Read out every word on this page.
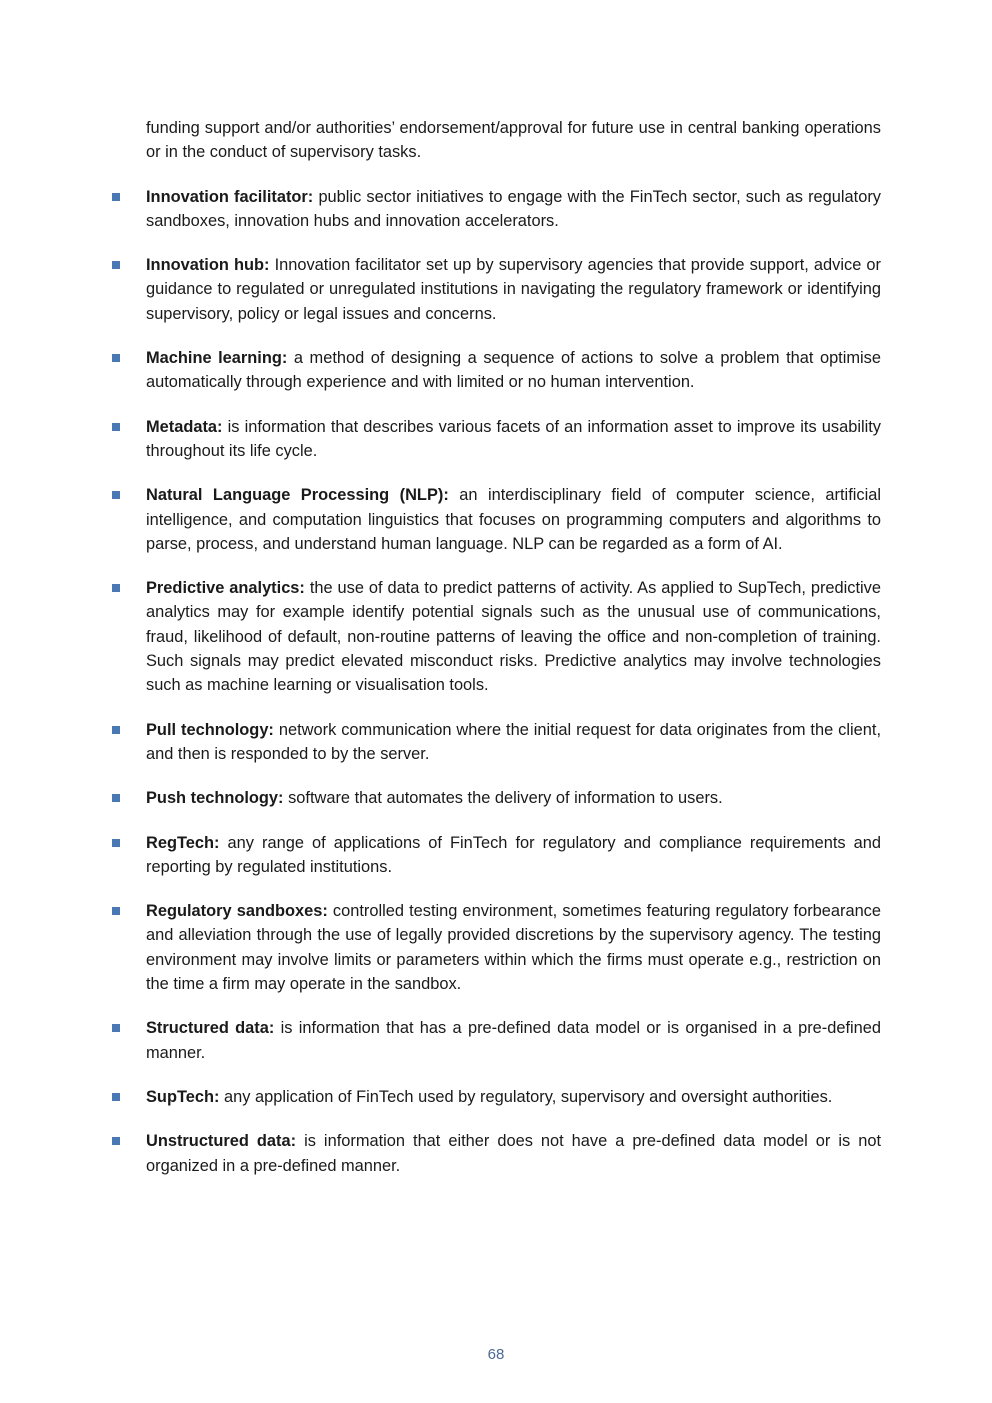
funding support and/or authorities’ endorsement/approval for future use in central banking operations or in the conduct of supervisory tasks.

Innovation facilitator: public sector initiatives to engage with the FinTech sector, such as regulatory sandboxes, innovation hubs and innovation accelerators.

Innovation hub: Innovation facilitator set up by supervisory agencies that provide support, advice or guidance to regulated or unregulated institutions in navigating the regulatory framework or identifying supervisory, policy or legal issues and concerns.

Machine learning: a method of designing a sequence of actions to solve a problem that optimise automatically through experience and with limited or no human intervention.

Metadata: is information that describes various facets of an information asset to improve its usability throughout its life cycle.

Natural Language Processing (NLP): an interdisciplinary field of computer science, artificial intelligence, and computation linguistics that focuses on programming computers and algorithms to parse, process, and understand human language. NLP can be regarded as a form of AI.

Predictive analytics: the use of data to predict patterns of activity. As applied to SupTech, predictive analytics may for example identify potential signals such as the unusual use of communications, fraud, likelihood of default, non-routine patterns of leaving the office and non-completion of training. Such signals may predict elevated misconduct risks. Predictive analytics may involve technologies such as machine learning or visualisation tools.

Pull technology: network communication where the initial request for data originates from the client, and then is responded to by the server.

Push technology: software that automates the delivery of information to users.

RegTech: any range of applications of FinTech for regulatory and compliance requirements and reporting by regulated institutions.

Regulatory sandboxes: controlled testing environment, sometimes featuring regulatory forbearance and alleviation through the use of legally provided discretions by the supervisory agency. The testing environment may involve limits or parameters within which the firms must operate e.g., restriction on the time a firm may operate in the sandbox.

Structured data: is information that has a pre-defined data model or is organised in a pre-defined manner.

SupTech: any application of FinTech used by regulatory, supervisory and oversight authorities.

Unstructured data: is information that either does not have a pre-defined data model or is not organized in a pre-defined manner.

68
